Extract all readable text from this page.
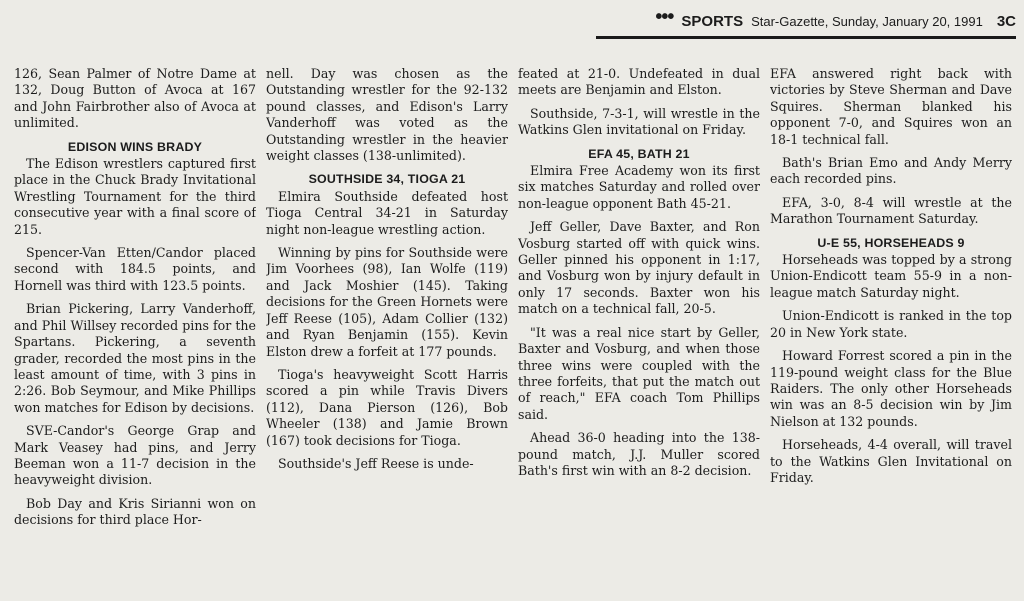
••• SPORTS Star-Gazette, Sunday, January 20, 1991 3C

126, Sean Palmer of Notre Dame at 132, Doug Button of Avoca at 167 and John Fairbrother also of Avoca at unlimited.

EDISON WINS BRADY

The Edison wrestlers captured first place in the Chuck Brady Invitational Wrestling Tournament for the third consecutive year with a final score of 215.

Spencer-Van Etten/Candor placed second with 184.5 points, and Hornell was third with 123.5 points.

Brian Pickering, Larry Vanderhoff, and Phil Willsey recorded pins for the Spartans. Pickering, a seventh grader, recorded the most pins in the least amount of time, with 3 pins in 2:26. Bob Seymour, and Mike Phillips won matches for Edison by decisions.

SVE-Candor's George Grap and Mark Veasey had pins, and Jerry Beeman won a 11-7 decision in the heavyweight division.

Bob Day and Kris Sirianni won on decisions for third place Hor-

nell. Day was chosen as the Outstanding wrestler for the 92-132 pound classes, and Edison's Larry Vanderhoff was voted as the Outstanding wrestler in the heavier weight classes (138-unlimited).

SOUTHSIDE 34, TIOGA 21

Elmira Southside defeated host Tioga Central 34-21 in Saturday night non-league wrestling action.

Winning by pins for Southside were Jim Voorhees (98), Ian Wolfe (119) and Jack Moshier (145). Taking decisions for the Green Hornets were Jeff Reese (105), Adam Collier (132) and Ryan Benjamin (155). Kevin Elston drew a forfeit at 177 pounds.

Tioga's heavyweight Scott Harris scored a pin while Travis Divers (112), Dana Pierson (126), Bob Wheeler (138) and Jamie Brown (167) took decisions for Tioga.

Southside's Jeff Reese is unde-

feated at 21-0. Undefeated in dual meets are Benjamin and Elston.

Southside, 7-3-1, will wrestle in the Watkins Glen invitational on Friday.

EFA 45, BATH 21

Elmira Free Academy won its first six matches Saturday and rolled over non-league opponent Bath 45-21.

Jeff Geller, Dave Baxter, and Ron Vosburg started off with quick wins. Geller pinned his opponent in 1:17, and Vosburg won by injury default in only 17 seconds. Baxter won his match on a technical fall, 20-5.

"It was a real nice start by Geller, Baxter and Vosburg, and when those three wins were coupled with the three forfeits, that put the match out of reach," EFA coach Tom Phillips said.

Ahead 36-0 heading into the 138-pound match, J.J. Muller scored Bath's first win with an 8-2 decision.

EFA answered right back with victories by Steve Sherman and Dave Squires. Sherman blanked his opponent 7-0, and Squires won an 18-1 technical fall.

Bath's Brian Emo and Andy Merry each recorded pins.

EFA, 3-0, 8-4 will wrestle at the Marathon Tournament Saturday.

U-E 55, HORSEHEADS 9

Horseheads was topped by a strong Union-Endicott team 55-9 in a non-league match Saturday night.

Union-Endicott is ranked in the top 20 in New York state.

Howard Forrest scored a pin in the 119-pound weight class for the Blue Raiders. The only other Horseheads win was an 8-5 decision win by Jim Nielson at 132 pounds.

Horseheads, 4-4 overall, will travel to the Watkins Glen Invitational on Friday.
